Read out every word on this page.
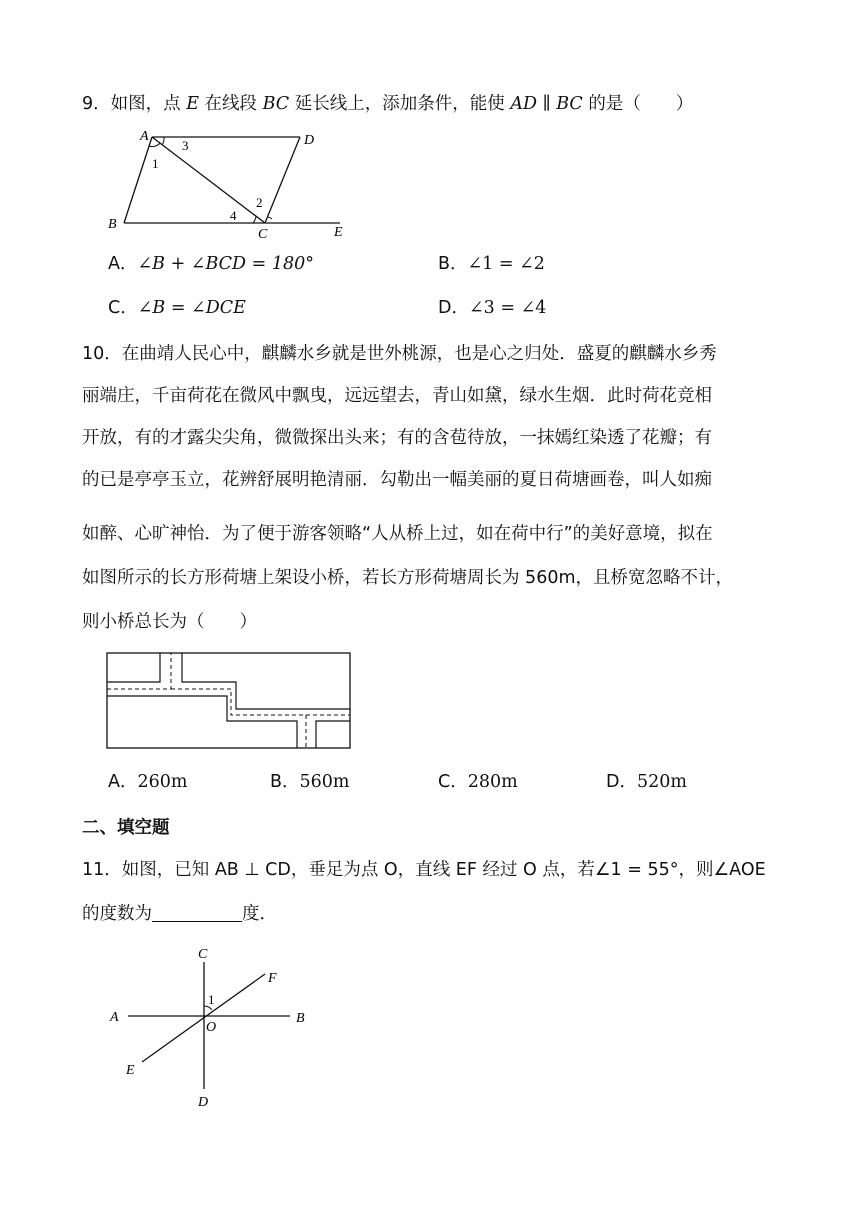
9．如图，点 E 在线段 BC 延长线上，添加条件，能使 AD ∥ BC 的是（　　）
A	D
B
C	E
1
2
3
4
A．∠B + ∠BCD = 180°	B．∠1 = ∠2
C．∠B = ∠DCE	D．∠3 = ∠4
10．在曲靖人民心中，麒麟水乡就是世外桃源，也是心之归处．盛夏的麒麟水乡秀
丽端庄，千亩荷花在微风中飘曳，远远望去，青山如黛，绿水生烟．此时荷花竞相
开放，有的才露尖尖角，微微探出头来；有的含苞待放，一抹嫣红染透了花瓣；有
的已是亭亭玉立，花辨舒展明艳清丽．勾勒出一幅美丽的夏日荷塘画卷，叫人如痴
如醉、心旷神怡．为了便于游客领略“人从桥上过，如在荷中行”的美好意境，拟在
如图所示的长方形荷塘上架设小桥，若长方形荷塘周长为 560m，且桥宽忽略不计，
则小桥总长为（　　）
A．260m	B．560m	C．280m	D．520m
二、填空题
11．如图，已知 AB ⊥ CD，垂足为点 O，直线 EF 经过 O 点，若∠1 = 55°，则∠AOE
的度数为	度．
C
D
A	B
F
E
O
1
